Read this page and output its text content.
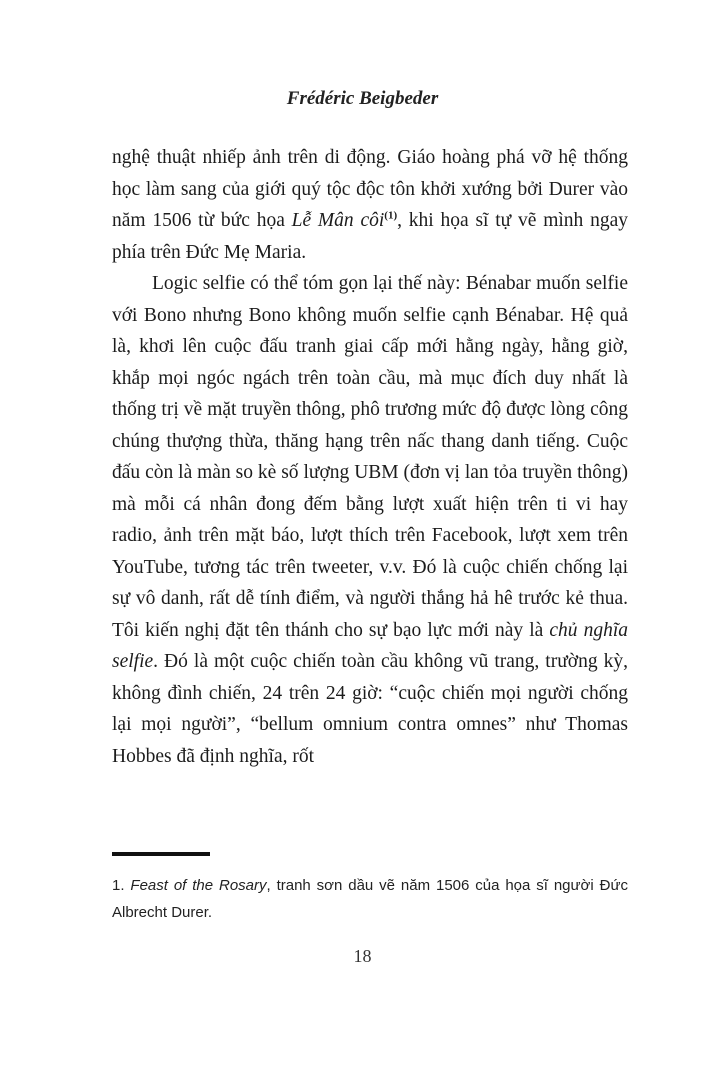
Frédéric Beigbeder

nghệ thuật nhiếp ảnh trên di động. Giáo hoàng phá vỡ hệ thống học làm sang của giới quý tộc độc tôn khởi xướng bởi Durer vào năm 1506 từ bức họa Lễ Mân côi$^{(1)}$, khi họa sĩ tự vẽ mình ngay phía trên Đức Mẹ Maria.

Logic selfie có thể tóm gọn lại thế này: Bénabar muốn selfie với Bono nhưng Bono không muốn selfie cạnh Bénabar. Hệ quả là, khơi lên cuộc đấu tranh giai cấp mới hằng ngày, hằng giờ, khắp mọi ngóc ngách trên toàn cầu, mà mục đích duy nhất là thống trị về mặt truyền thông, phô trương mức độ được lòng công chúng thượng thừa, thăng hạng trên nấc thang danh tiếng. Cuộc đấu còn là màn so kè số lượng UBM (đơn vị lan tỏa truyền thông) mà mỗi cá nhân đong đếm bằng lượt xuất hiện trên ti vi hay radio, ảnh trên mặt báo, lượt thích trên Facebook, lượt xem trên YouTube, tương tác trên tweeter, v.v. Đó là cuộc chiến chống lại sự vô danh, rất dễ tính điểm, và người thắng hả hê trước kẻ thua. Tôi kiến nghị đặt tên thánh cho sự bạo lực mới này là chủ nghĩa selfie. Đó là một cuộc chiến toàn cầu không vũ trang, trường kỳ, không đình chiến, 24 trên 24 giờ: “cuộc chiến mọi người chống lại mọi người”, “bellum omnium contra omnes” như Thomas Hobbes đã định nghĩa, rốt

1. Feast of the Rosary, tranh sơn dầu vẽ năm 1506 của họa sĩ người Đức Albrecht Durer.

18
